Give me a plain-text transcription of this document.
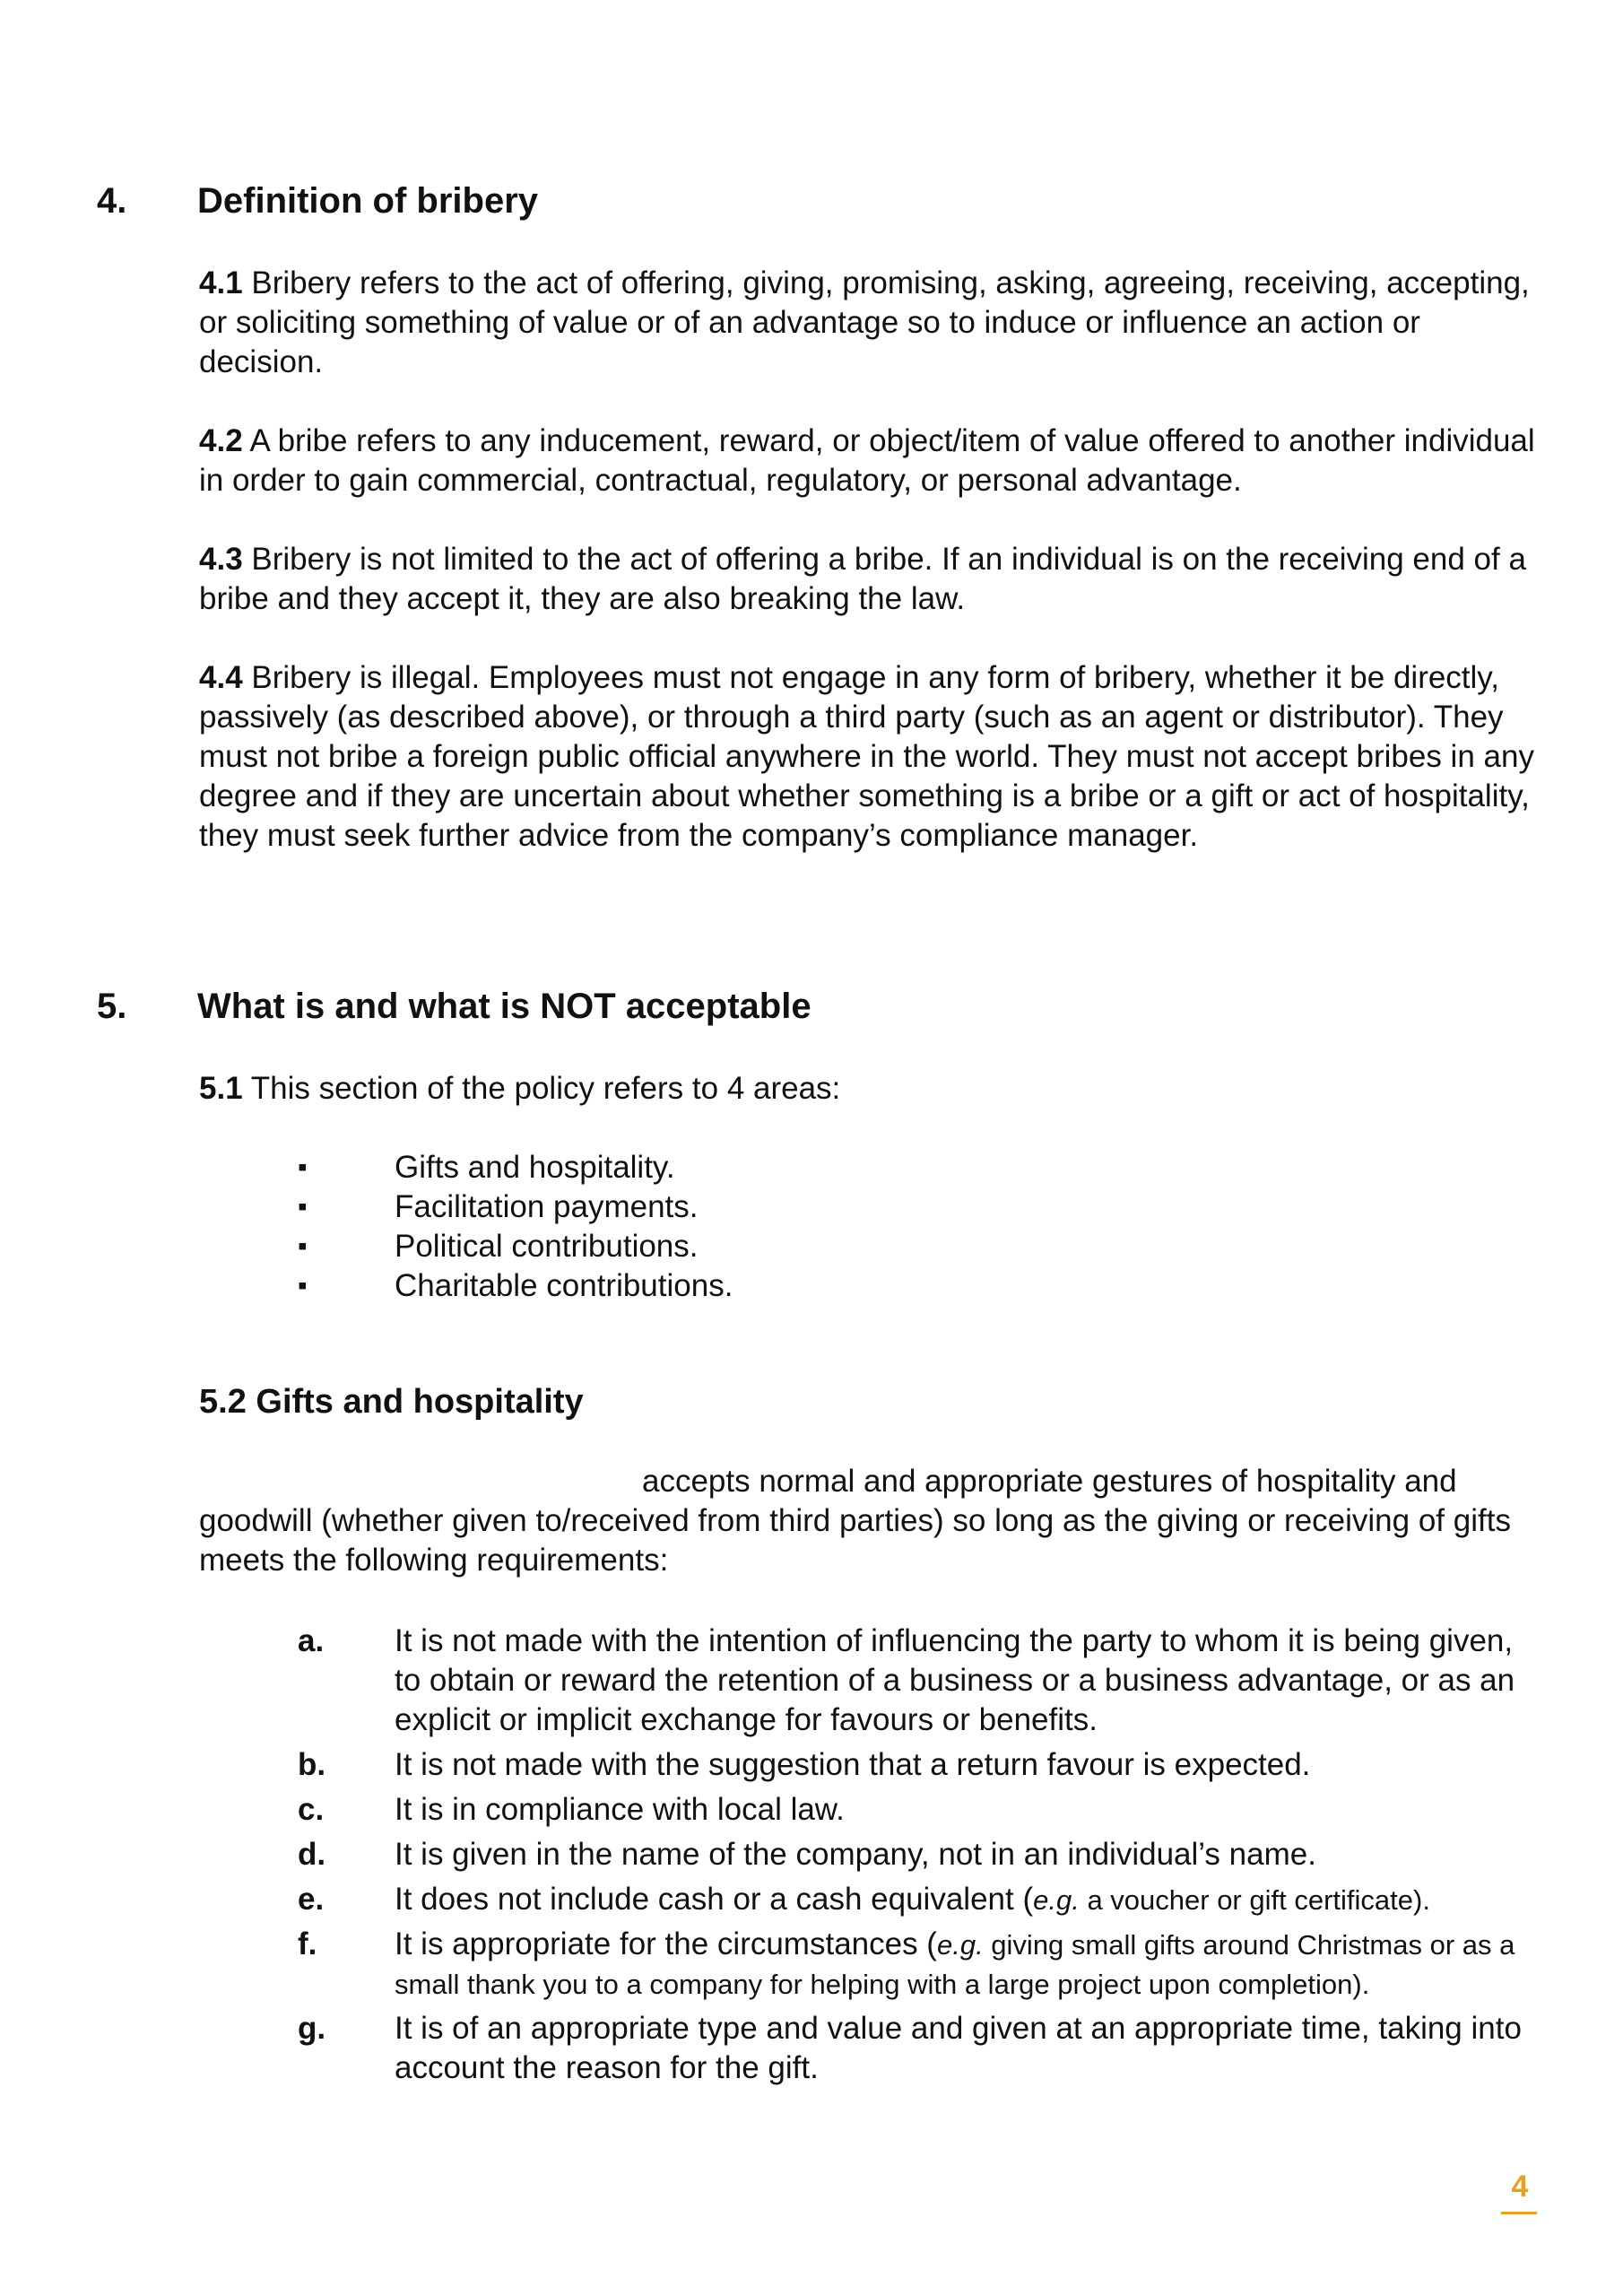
4. Definition of bribery

4.1 Bribery refers to the act of offering, giving, promising, asking, agreeing, receiving, accepting, or soliciting something of value or of an advantage so to induce or influence an action or decision.

4.2 A bribe refers to any inducement, reward, or object/item of value offered to another individual in order to gain commercial, contractual, regulatory, or personal advantage.

4.3 Bribery is not limited to the act of offering a bribe. If an individual is on the receiving end of a bribe and they accept it, they are also breaking the law.

4.4 Bribery is illegal. Employees must not engage in any form of bribery, whether it be directly, passively (as described above), or through a third party (such as an agent or distributor). They must not bribe a foreign public official anywhere in the world. They must not accept bribes in any degree and if they are uncertain about whether something is a bribe or a gift or act of hospitality, they must seek further advice from the company’s compliance manager.

5. What is and what is NOT acceptable

5.1 This section of the policy refers to 4 areas:

▪	Gifts and hospitality.
▪	Facilitation payments.
▪	Political contributions.
▪	Charitable contributions.
5.2 Gifts and hospitality

accepts normal and appropriate gestures of hospitality and goodwill (whether given to/received from third parties) so long as the giving or receiving of gifts meets the following requirements:

a. It is not made with the intention of influencing the party to whom it is being given, to obtain or reward the retention of a business or a business advantage, or as an explicit or implicit exchange for favours or benefits.
b. It is not made with the suggestion that a return favour is expected.
c. It is in compliance with local law.
d. It is given in the name of the company, not in an individual’s name.
e. It does not include cash or a cash equivalent (e.g. a voucher or gift certificate).
f. It is appropriate for the circumstances (e.g. giving small gifts around Christmas or as a small thank you to a company for helping with a large project upon completion).
g. It is of an appropriate type and value and given at an appropriate time, taking into account the reason for the gift.
4
